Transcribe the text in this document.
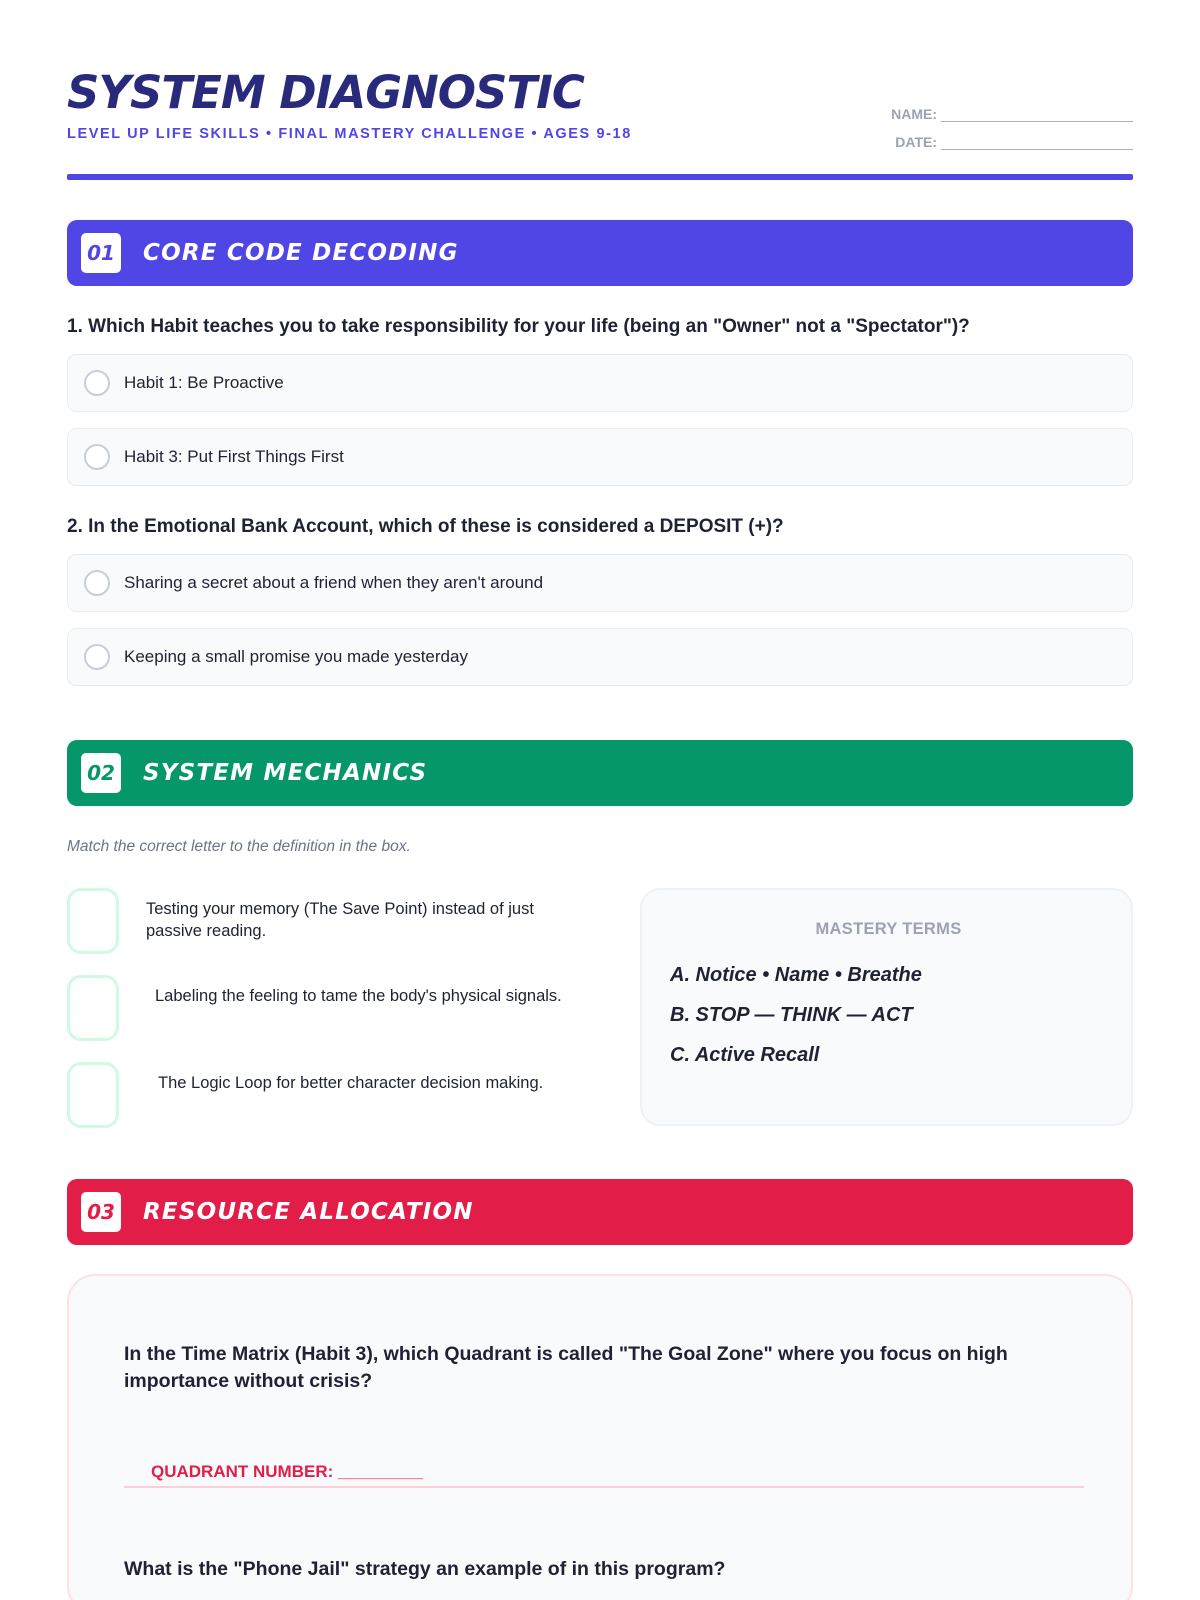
SYSTEM DIAGNOSTIC
LEVEL UP LIFE SKILLS • FINAL MASTERY CHALLENGE • AGES 9-18
NAME:
DATE:
01 CORE CODE DECODING
1. Which Habit teaches you to take responsibility for your life (being an "Owner" not a "Spectator")?
Habit 1: Be Proactive
Habit 3: Put First Things First
2. In the Emotional Bank Account, which of these is considered a DEPOSIT (+)?
Sharing a secret about a friend when they aren't around
Keeping a small promise you made yesterday
02 SYSTEM MECHANICS
Match the correct letter to the definition in the box.
Testing your memory (The Save Point) instead of just passive reading.
Labeling the feeling to tame the body's physical signals.
The Logic Loop for better character decision making.
MASTERY TERMS
A. Notice • Name • Breathe
B. STOP — THINK — ACT
C. Active Recall
03 RESOURCE ALLOCATION
In the Time Matrix (Habit 3), which Quadrant is called "The Goal Zone" where you focus on high importance without crisis?
QUADRANT NUMBER: _________
What is the "Phone Jail" strategy an example of in this program?
